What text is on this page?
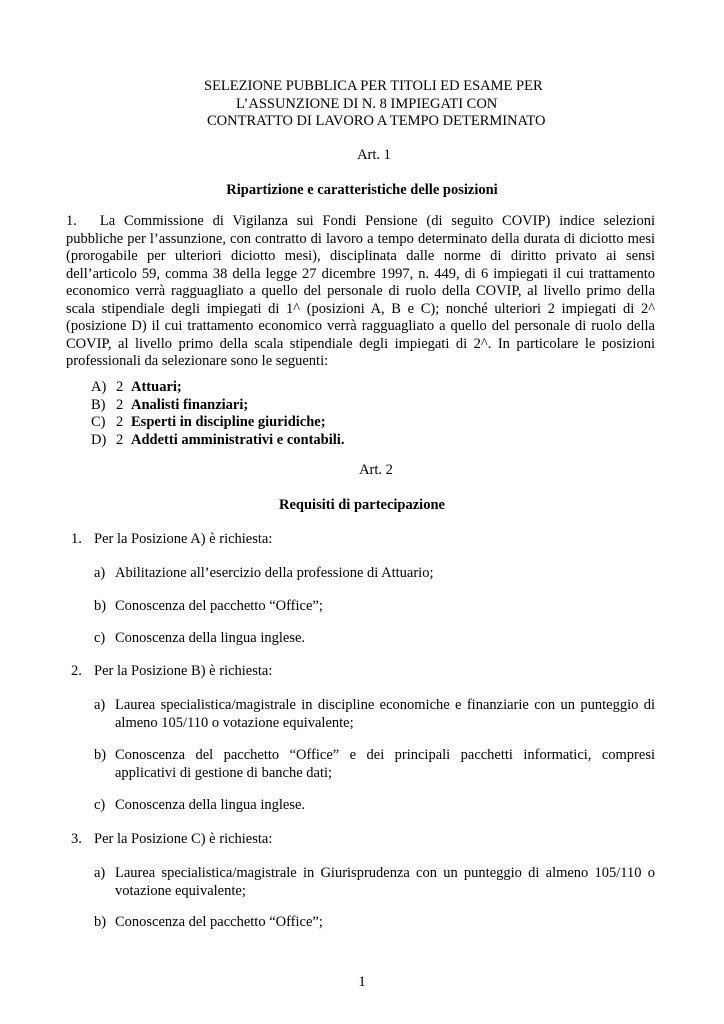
SELEZIONE PUBBLICA PER TITOLI ED ESAME PER
L’ASSUNZIONE DI N. 8 IMPIEGATI CON
CONTRATTO DI LAVORO A TEMPO DETERMINATO
Art. 1
Ripartizione e caratteristiche delle posizioni
1. La Commissione di Vigilanza sui Fondi Pensione (di seguito COVIP) indice selezioni pubbliche per l’assunzione, con contratto di lavoro a tempo determinato della durata di diciotto mesi (prorogabile per ulteriori diciotto mesi), disciplinata dalle norme di diritto privato ai sensi dell’articolo 59, comma 38 della legge 27 dicembre 1997, n. 449, di 6 impiegati il cui trattamento economico verrà ragguagliato a quello del personale di ruolo della COVIP, al livello primo della scala stipendiale degli impiegati di 1^ (posizioni A, B e C); nonché ulteriori 2 impiegati di 2^ (posizione D) il cui trattamento economico verrà ragguagliato a quello del personale di ruolo della COVIP, al livello primo della scala stipendiale degli impiegati di 2^. In particolare le posizioni professionali da selezionare sono le seguenti:
A) 2 Attuari;
B) 2 Analisti finanziari;
C) 2 Esperti in discipline giuridiche;
D) 2 Addetti amministrativi e contabili.
Art. 2
Requisiti di partecipazione
1. Per la Posizione A) è richiesta:
a) Abilitazione all’esercizio della professione di Attuario;
b) Conoscenza del pacchetto “Office”;
c) Conoscenza della lingua inglese.
2. Per la Posizione B) è richiesta:
a) Laurea specialistica/magistrale in discipline economiche e finanziarie con un punteggio di almeno 105/110 o votazione equivalente;
b) Conoscenza del pacchetto “Office” e dei principali pacchetti informatici, compresi applicativi di gestione di banche dati;
c) Conoscenza della lingua inglese.
3. Per la Posizione C) è richiesta:
a) Laurea specialistica/magistrale in Giurisprudenza con un punteggio di almeno 105/110 o votazione equivalente;
b) Conoscenza del pacchetto “Office”;
1
